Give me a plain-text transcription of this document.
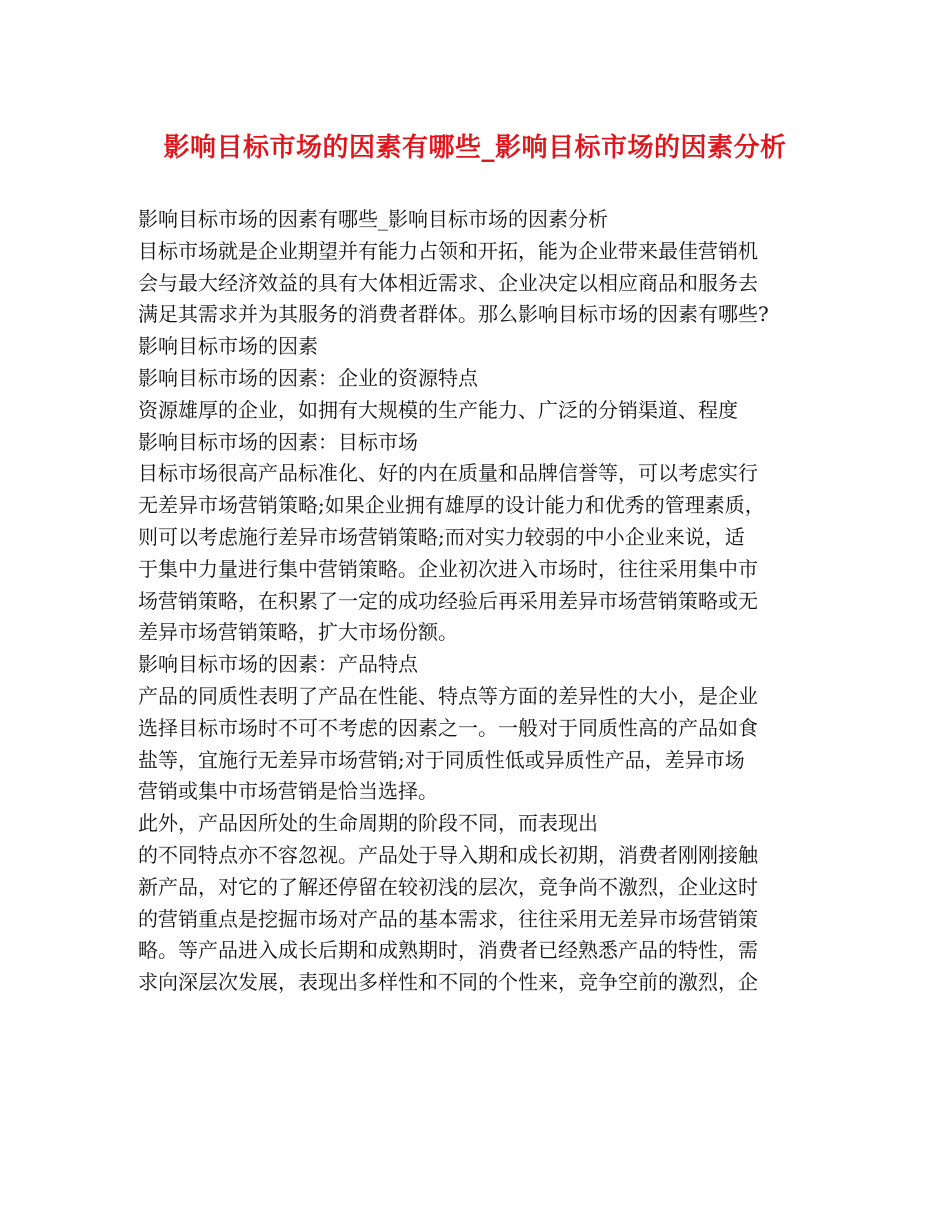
影响目标市场的因素有哪些_影响目标市场的因素分析
影响目标市场的因素有哪些_影响目标市场的因素分析
目标市场就是企业期望并有能力占领和开拓，能为企业带来最佳营销机
会与最大经济效益的具有大体相近需求、企业决定以相应商品和服务去
满足其需求并为其服务的消费者群体。那么影响目标市场的因素有哪些?
影响目标市场的因素
影响目标市场的因素：企业的资源特点
资源雄厚的企业，如拥有大规模的生产能力、广泛的分销渠道、程度
影响目标市场的因素：目标市场
目标市场很高产品标准化、好的内在质量和品牌信誉等，可以考虑实行
无差异市场营销策略;如果企业拥有雄厚的设计能力和优秀的管理素质，
则可以考虑施行差异市场营销策略;而对实力较弱的中小企业来说，适
于集中力量进行集中营销策略。企业初次进入市场时，往往采用集中市
场营销策略，在积累了一定的成功经验后再采用差异市场营销策略或无
差异市场营销策略，扩大市场份额。
影响目标市场的因素：产品特点
产品的同质性表明了产品在性能、特点等方面的差异性的大小，是企业
选择目标市场时不可不考虑的因素之一。一般对于同质性高的产品如食
盐等，宜施行无差异市场营销;对于同质性低或异质性产品，差异市场
营销或集中市场营销是恰当选择。
此外，产品因所处的生命周期的阶段不同，而表现出
的不同特点亦不容忽视。产品处于导入期和成长初期，消费者刚刚接触
新产品，对它的了解还停留在较初浅的层次，竞争尚不激烈，企业这时
的营销重点是挖掘市场对产品的基本需求，往往采用无差异市场营销策
略。等产品进入成长后期和成熟期时，消费者已经熟悉产品的特性，需
求向深层次发展，表现出多样性和不同的个性来，竞争空前的激烈，企
